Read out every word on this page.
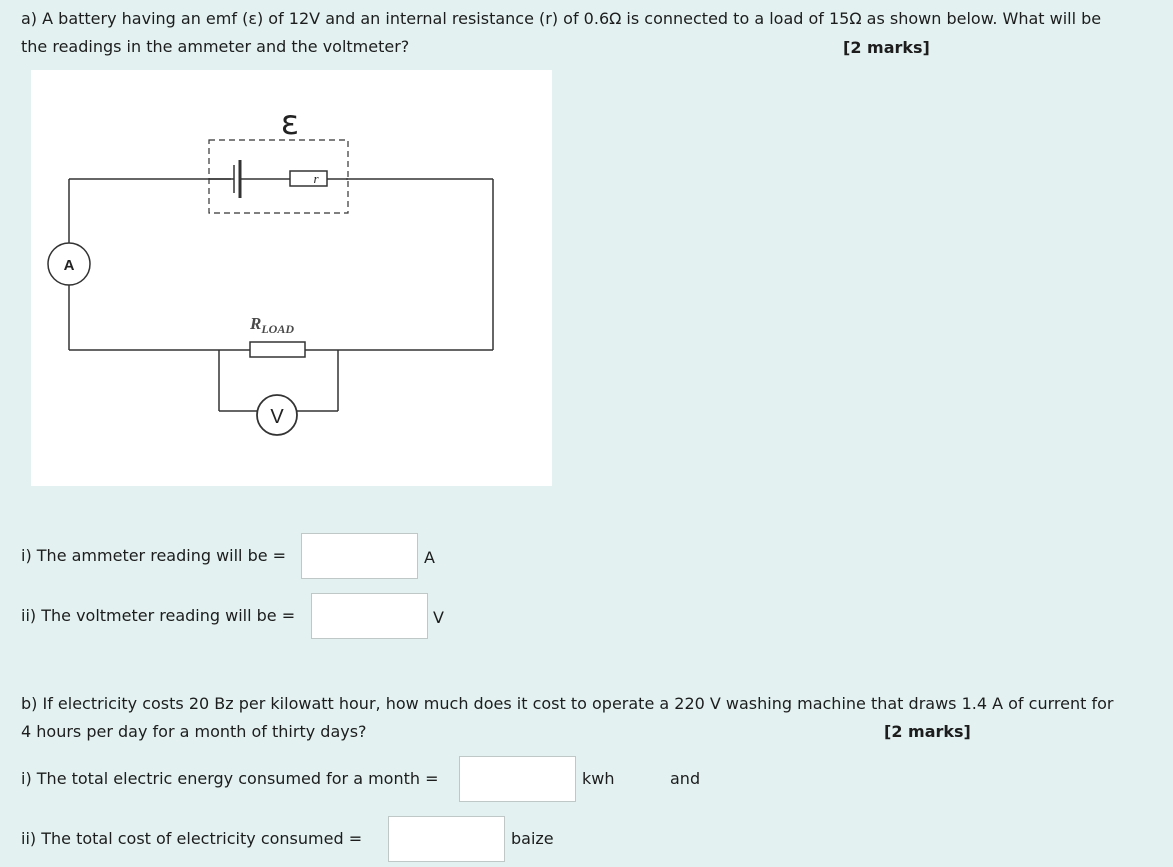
a) A battery having an emf (ε) of 12V and an internal resistance (r) of 0.6Ω is connected to a load of 15Ω as shown below. What will be
the readings in the ammeter and the voltmeter?	[2 marks]
A
r
ε
$R_{LOAD}$
V
i) The ammeter reading will be =	A
ii) The voltmeter reading will be =	V
b) If electricity costs 20 Bz per kilowatt hour, how much does it cost to operate a 220 V washing machine that draws 1.4 A of current for
4 hours per day for a month of thirty days?	[2 marks]
i) The total electric energy consumed for a month =	kwh	and
ii) The total cost of electricity consumed =	baize
